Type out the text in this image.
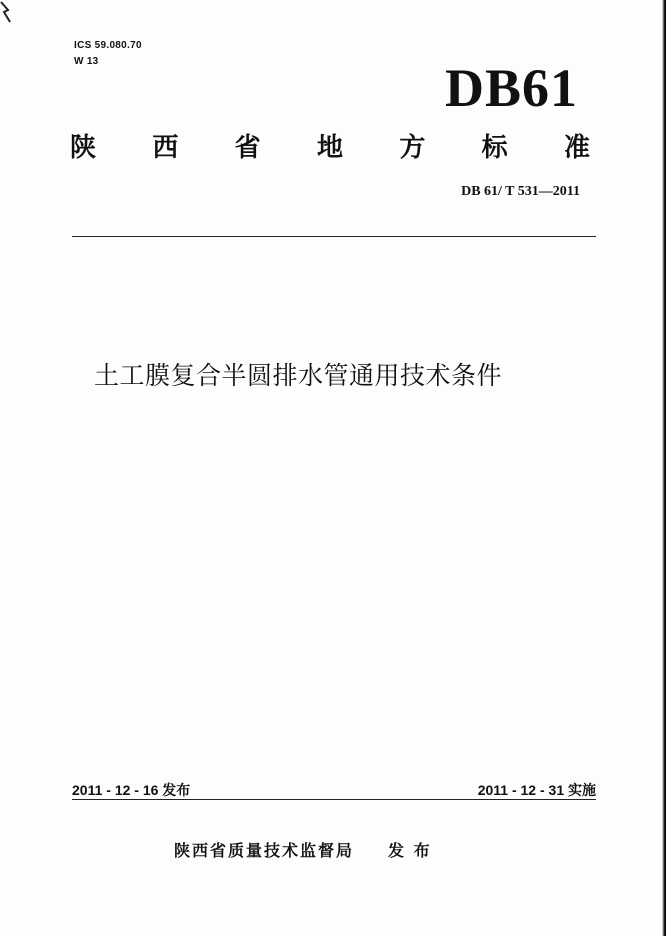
ICS 59.080.70
W 13	DB61
陕 西 省 地 方 标 准
DB 61/ T 531—2011
土工膜复合半圆排水管通用技术条件
2011 - 12 - 16 发布	2011 - 12 - 31 实施
陕西省质量技术监督局 发 布
